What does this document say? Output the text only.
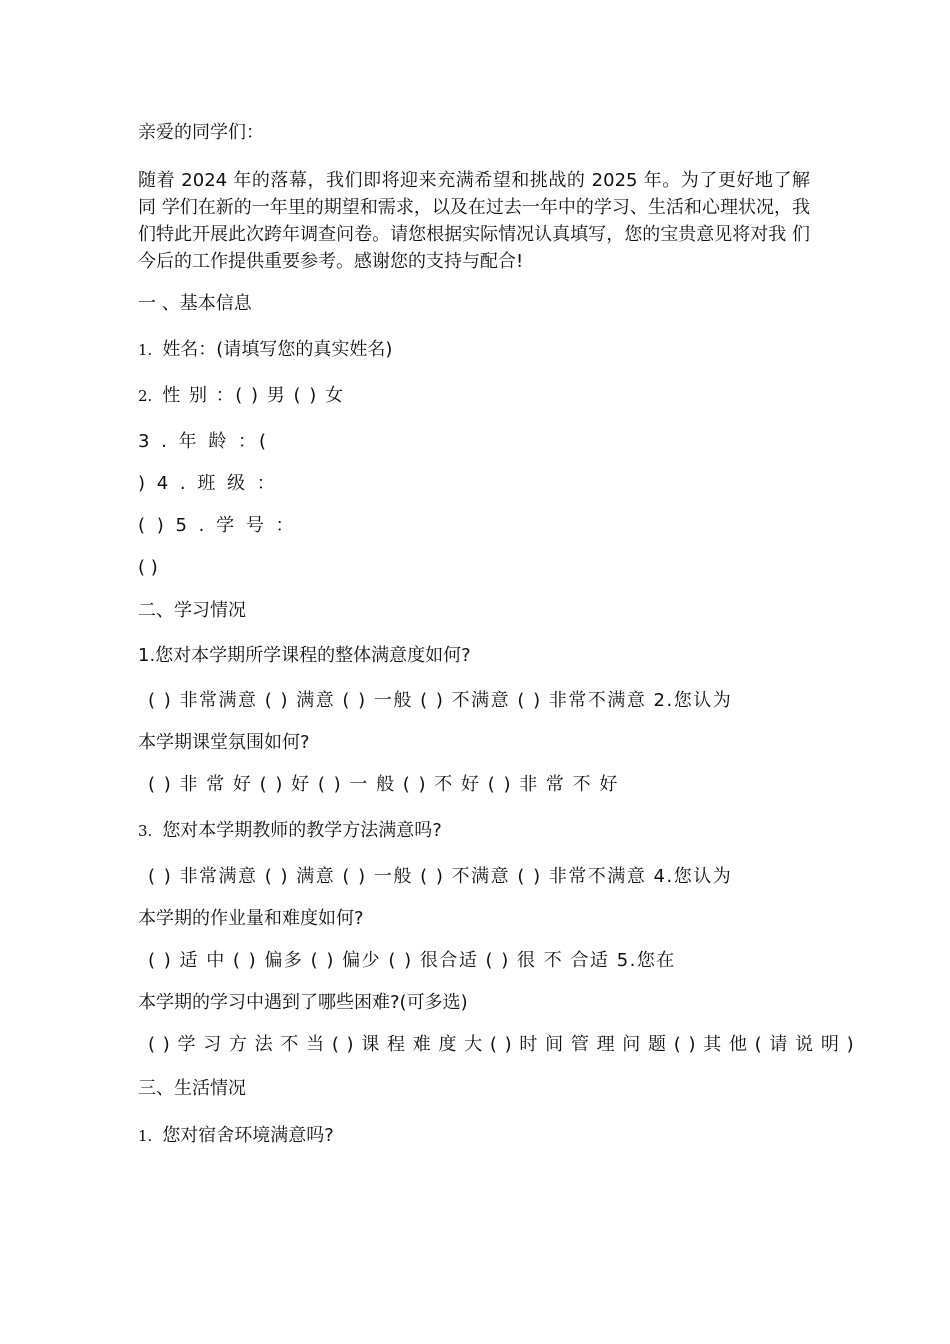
亲爱的同学们：
随着 2024 年的落幕，我们即将迎来充满希望和挑战的 2025 年。为了更好地了解同 学们在新的一年里的期望和需求，以及在过去一年中的学习、生活和心理状况，我 们特此开展此次跨年调查问卷。请您根据实际情况认真填写，您的宝贵意见将对我 们今后的工作提供重要参考。感谢您的支持与配合!
一 、基本信息
1. 姓名：(请填写您的真实姓名)
2. 性 别 ：( ) 男 ( ) 女
3 . 年 龄 ：(
) 4 . 班 级 ：
( ) 5 . 学 号 ：
( )
二、学习情况
1.您对本学期所学课程的整体满意度如何?
( ) 非常满意 ( ) 满意 ( ) 一般 ( ) 不满意 ( ) 非常不满意 2.您认为
本学期课堂氛围如何?
( ) 非 常 好 ( ) 好 ( ) 一 般 ( ) 不 好 ( ) 非 常 不 好
3. 您对本学期教师的教学方法满意吗?
( ) 非常满意 ( ) 满意 ( ) 一般 ( ) 不满意 ( ) 非常不满意 4.您认为
本学期的作业量和难度如何?
( ) 适 中 ( ) 偏多 ( ) 偏少 ( ) 很合适 ( ) 很 不 合适 5.您在
本学期的学习中遇到了哪些困难?(可多选)
( ) 学 习 方 法 不 当 ( ) 课 程 难 度 大 ( ) 时 间 管 理 问 题 ( ) 其 他 ( 请 说 明 )
三、生活情况
1. 您对宿舍环境满意吗?
